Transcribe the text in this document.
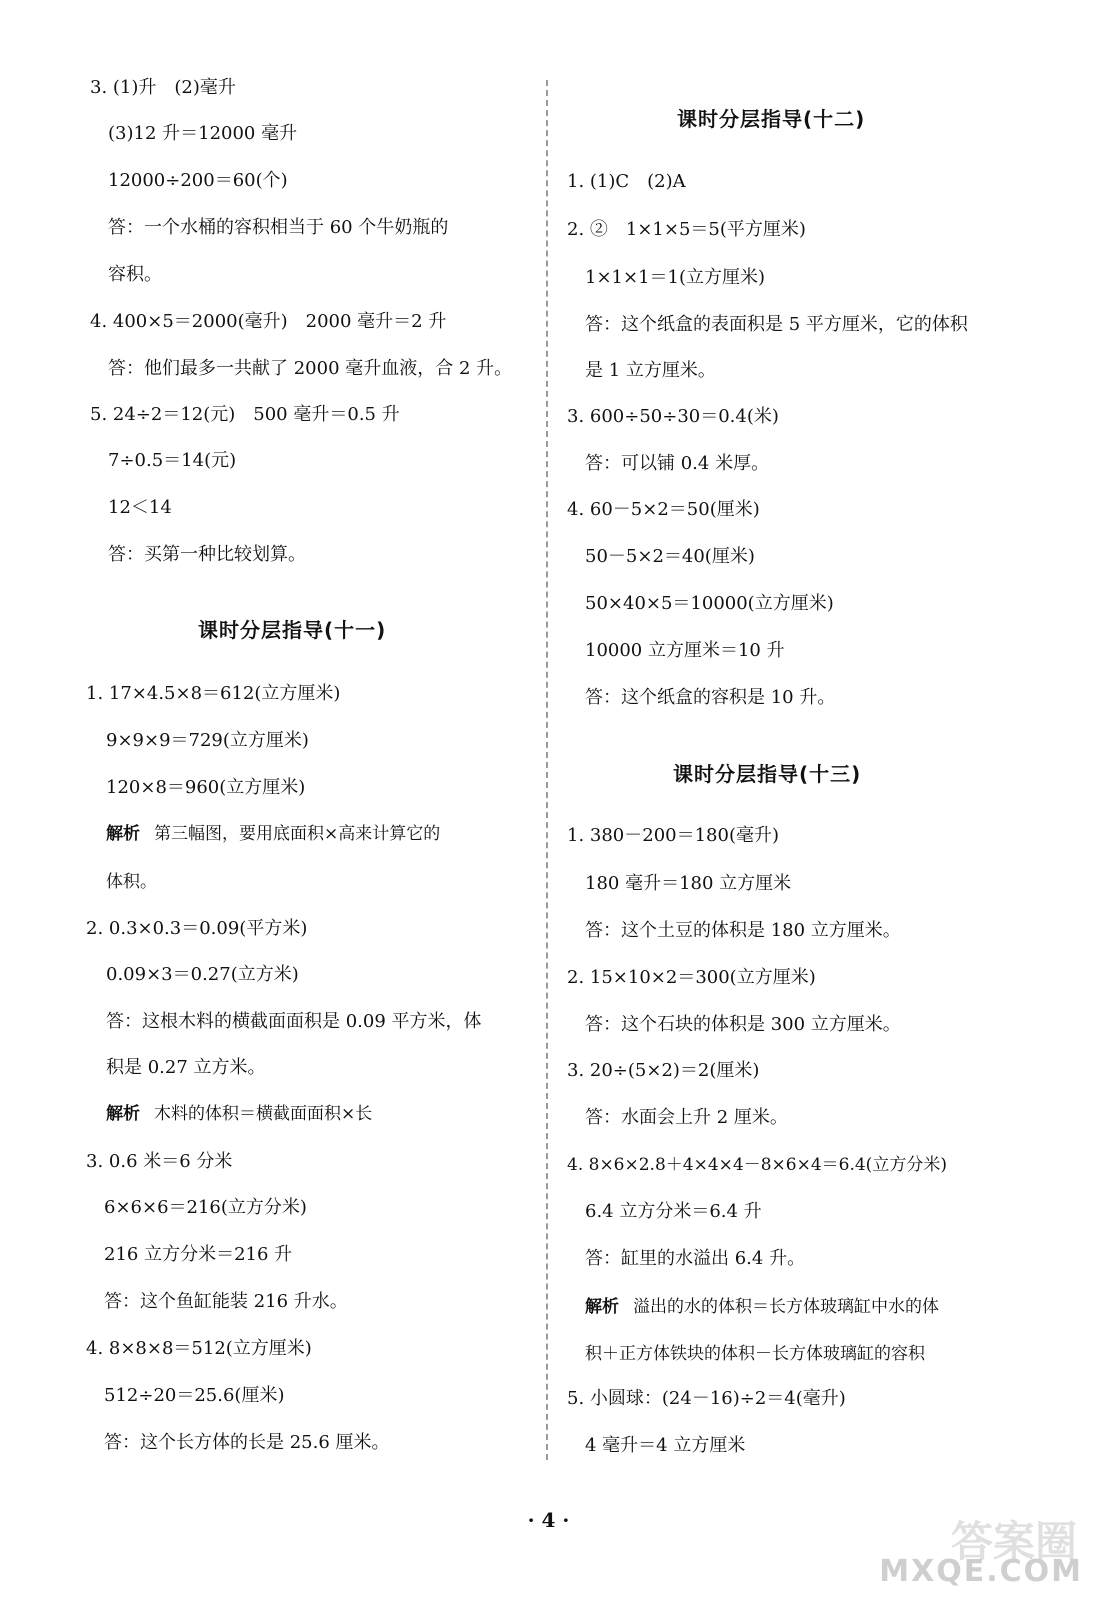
3. (1)升　(2)毫升
(3)12 升＝12000 毫升
12000÷200＝60(个)
答：一个水桶的容积相当于 60 个牛奶瓶的
容积。
4. 400×5＝2000(毫升)　2000 毫升＝2 升
答：他们最多一共献了 2000 毫升血液，合 2 升。
5. 24÷2＝12(元)　500 毫升＝0.5 升
7÷0.5＝14(元)
12＜14
答：买第一种比较划算。
课时分层指导(十一)
1. 17×4.5×8＝612(立方厘米)
9×9×9＝729(立方厘米)
120×8＝960(立方厘米)
解析 第三幅图，要用底面积×高来计算它的
体积。
2. 0.3×0.3＝0.09(平方米)
0.09×3＝0.27(立方米)
答：这根木料的横截面面积是 0.09 平方米，体
积是 0.27 立方米。
解析 木料的体积＝横截面面积×长
3. 0.6 米＝6 分米
6×6×6＝216(立方分米)
216 立方分米＝216 升
答：这个鱼缸能装 216 升水。
4. 8×8×8＝512(立方厘米)
512÷20＝25.6(厘米)
答：这个长方体的长是 25.6 厘米。
课时分层指导(十二)
1. (1)C　(2)A
2. ②　1×1×5＝5(平方厘米)
1×1×1＝1(立方厘米)
答：这个纸盒的表面积是 5 平方厘米，它的体积
是 1 立方厘米。
3. 600÷50÷30＝0.4(米)
答：可以铺 0.4 米厚。
4. 60－5×2＝50(厘米)
50－5×2＝40(厘米)
50×40×5＝10000(立方厘米)
10000 立方厘米＝10 升
答：这个纸盒的容积是 10 升。
课时分层指导(十三)
1. 380－200＝180(毫升)
180 毫升＝180 立方厘米
答：这个土豆的体积是 180 立方厘米。
2. 15×10×2＝300(立方厘米)
答：这个石块的体积是 300 立方厘米。
3. 20÷(5×2)＝2(厘米)
答：水面会上升 2 厘米。
4. 8×6×2.8＋4×4×4－8×6×4＝6.4(立方分米)
6.4 立方分米＝6.4 升
答：缸里的水溢出 6.4 升。
解析 溢出的水的体积＝长方体玻璃缸中水的体
积＋正方体铁块的体积－长方体玻璃缸的容积
5. 小圆球：(24－16)÷2＝4(毫升)
4 毫升＝4 立方厘米
· 4 ·	答案圈
MXQE.COM
